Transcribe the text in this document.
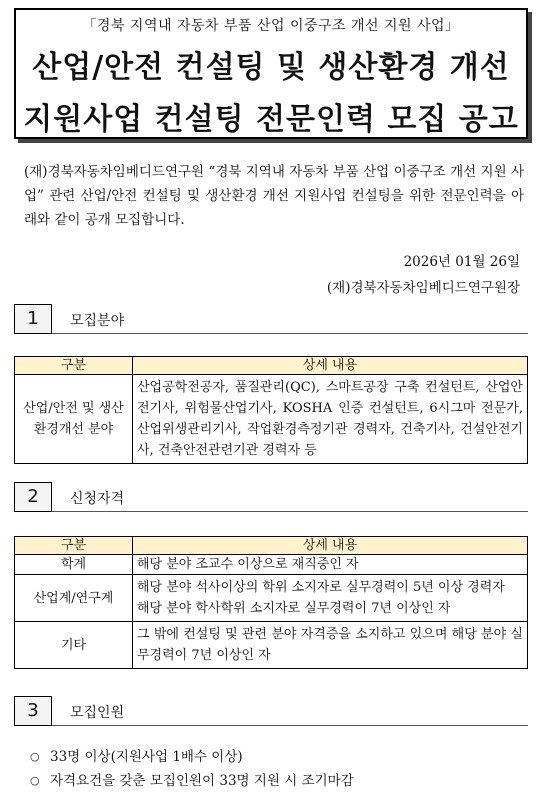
「경북 지역내 자동차 부품 산업 이중구조 개선 지원 사업」
산업/안전 컨설팅 및 생산환경 개선
지원사업 컨설팅 전문인력 모집 공고

(재)경북자동차임베디드연구원 “경북 지역내 자동차 부품 산업 이중구조 개선 지원 사업” 관련 산업/안전 컨설팅 및 생산환경 개선 지원사업 컨설팅을 위한 전문인력을 아래와 같이 공개 모집합니다.

2026년 01월 26일
(재)경북자동차임베디드연구원장
1	모집분야
구분	상세 내용
산업/안전 및 생산환경개선 분야	산업공학전공자, 품질관리(QC), 스마트공장 구축 컨설턴트, 산업안전기사, 위험물산업기사, KOSHA 인증 컨설턴트, 6시그마 전문가, 산업위생관리기사, 작업환경측정기관 경력자, 건축기사, 건설안전기사, 건축안전관련기관 경력자 등
2	신청자격
구분	상세 내용
학계	해당 분야 조교수 이상으로 재직중인 자

산업계/연구계	해당 분야 석사이상의 학위 소지자로 실무경력이 5년 이상 경력자
해당 분야 학사학위 소지자로 실무경력이 7년 이상인 자

기타	그 밖에 컨설팅 및 관련 분야 자격증을 소지하고 있으며 해당 분야 실무경력이 7년 이상인 자
3	모집인원
○ 33명 이상(지원사업 1배수 이상)
○ 자격요건을 갖춘 모집인원이 33명 지원 시 조기마감
